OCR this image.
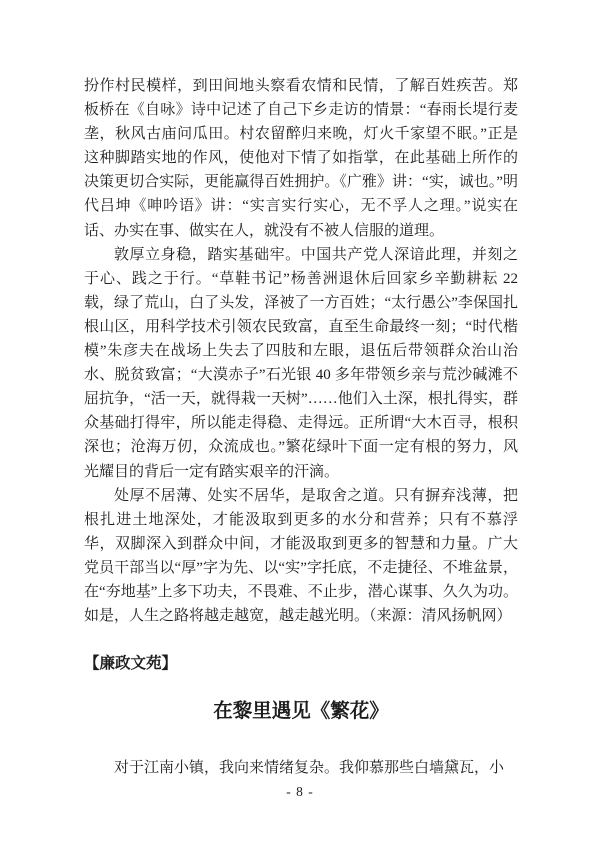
扮作村民模样，到田间地头察看农情和民情，了解百姓疾苦。郑板桥在《自咏》诗中记述了自己下乡走访的情景：“春雨长堤行麦垄，秋风古庙问瓜田。村农留醉归来晚，灯火千家望不眠。”正是这种脚踏实地的作风，使他对下情了如指掌，在此基础上所作的决策更切合实际，更能赢得百姓拥护。《广雅》讲：“实，诚也。”明代吕坤《呻吟语》讲：“实言实行实心，无不孚人之理。”说实在话、办实在事、做实在人，就没有不被人信服的道理。

敦厚立身稳，踏实基础牢。中国共产党人深谙此理，并刻之于心、践之于行。“草鞋书记”杨善洲退休后回家乡辛勤耕耘 22 载，绿了荒山，白了头发，泽被了一方百姓；“太行愚公”李保国扎根山区，用科学技术引领农民致富，直至生命最终一刻；“时代楷模”朱彦夫在战场上失去了四肢和左眼，退伍后带领群众治山治水、脱贫致富；“大漠赤子”石光银 40 多年带领乡亲与荒沙碱滩不屈抗争，“活一天，就得栽一天树”……他们入土深，根扎得实，群众基础打得牢，所以能走得稳、走得远。正所谓“大木百寻，根积深也；沧海万仞，众流成也。”繁花绿叶下面一定有根的努力，风光耀目的背后一定有踏实艰辛的汗滴。

处厚不居薄、处实不居华，是取舍之道。只有摒弃浅薄，把根扎进土地深处，才能汲取到更多的水分和营养；只有不慕浮华，双脚深入到群众中间，才能汲取到更多的智慧和力量。广大党员干部当以“厚”字为先、以“实”字托底，不走捷径、不堆盆景，在“夯地基”上多下功夫，不畏难、不止步，潜心谋事、久久为功。如是，人生之路将越走越宽，越走越光明。（来源：清风扬帆网）

【廉政文苑】
在黎里遇见《繁花》

对于江南小镇，我向来情绪复杂。我仰慕那些白墙黛瓦，小

- 8 -
